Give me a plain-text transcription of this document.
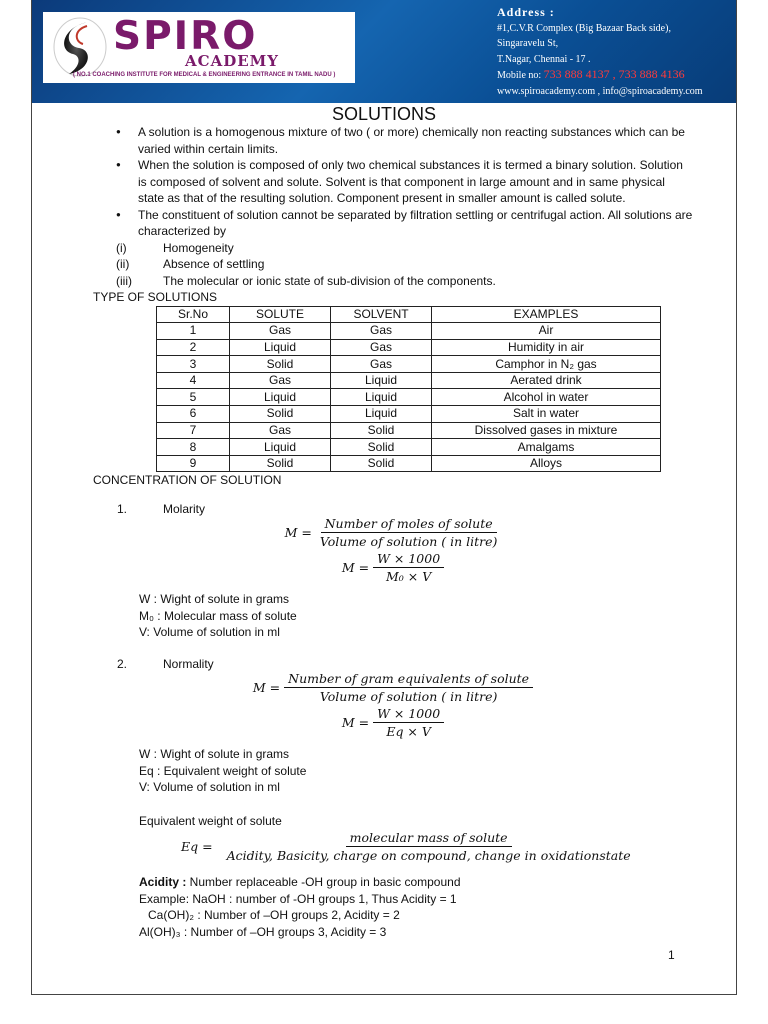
SPIRO
ACADEMY
( NO.1 COACHING INSTITUTE FOR MEDICAL & ENGINEERING ENTRANCE IN TAMIL NADU )
Address :
#1,C.V.R Complex (Big Bazaar Back side),
Singaravelu St,
T.Nagar, Chennai - 17 .
Mobile no: 733 888 4137 , 733 888 4136
www.spiroacademy.com , info@spiroacademy.com
SOLUTIONS
● A solution is a homogenous mixture of two ( or more) chemically non reacting substances which can be varied within certain limits.
● When the solution is composed of only two chemical substances it is termed a binary solution. Solution is composed of solvent and solute. Solvent is that component in large amount and in same physical state as that of the resulting solution. Component present in smaller amount is called solute.
● The constituent of solution cannot be separated by filtration settling or centrifugal action. All solutions are characterized by
(i)	Homogeneity
(ii)	Absence of settling
(iii)	The molecular or ionic state of sub-division of the components.
TYPE OF SOLUTIONS
Sr.No	SOLUTE	SOLVENT	EXAMPLES
1	Gas	Gas	Air
2	Liquid	Gas	Humidity in air
3	Solid	Gas	Camphor in N₂ gas
4	Gas	Liquid	Aerated drink
5	Liquid	Liquid	Alcohol in water
6	Solid	Liquid	Salt in water
7	Gas	Solid	Dissolved gases in mixture
8	Liquid	Solid	Amalgams
9	Solid	Solid	Alloys
CONCENTRATION OF SOLUTION
1.	Molarity
$M = \frac{\text{Number of moles of solute}}{\text{Volume of solution ( in litre)}}$
$M = \frac{W \times 1000}{\text{M₀ × V}}$
W : Wight of solute in grams
M₀ : Molecular mass of solute
V: Volume of solution in ml
2.	Normality
$M = \frac{\text{Number of gram equivalents of solute}}{\text{Volume of solution ( in litre)}}$
$M = \frac{W \times 1000}{Eq \times V}$
W : Wight of solute in grams
Eq : Equivalent weight of solute
V: Volume of solution in ml
Equivalent weight of solute
Eq =
molecular mass of solute
Acidity, Basicity, charge on compound, change in oxidationstate
Acidity : Number replaceable -OH group in basic compound
Example: NaOH : number of -OH groups 1, Thus Acidity = 1
Ca(OH)₂ : Number of –OH groups 2, Acidity = 2
Al(OH)₃ : Number of –OH groups 3, Acidity = 3
1
